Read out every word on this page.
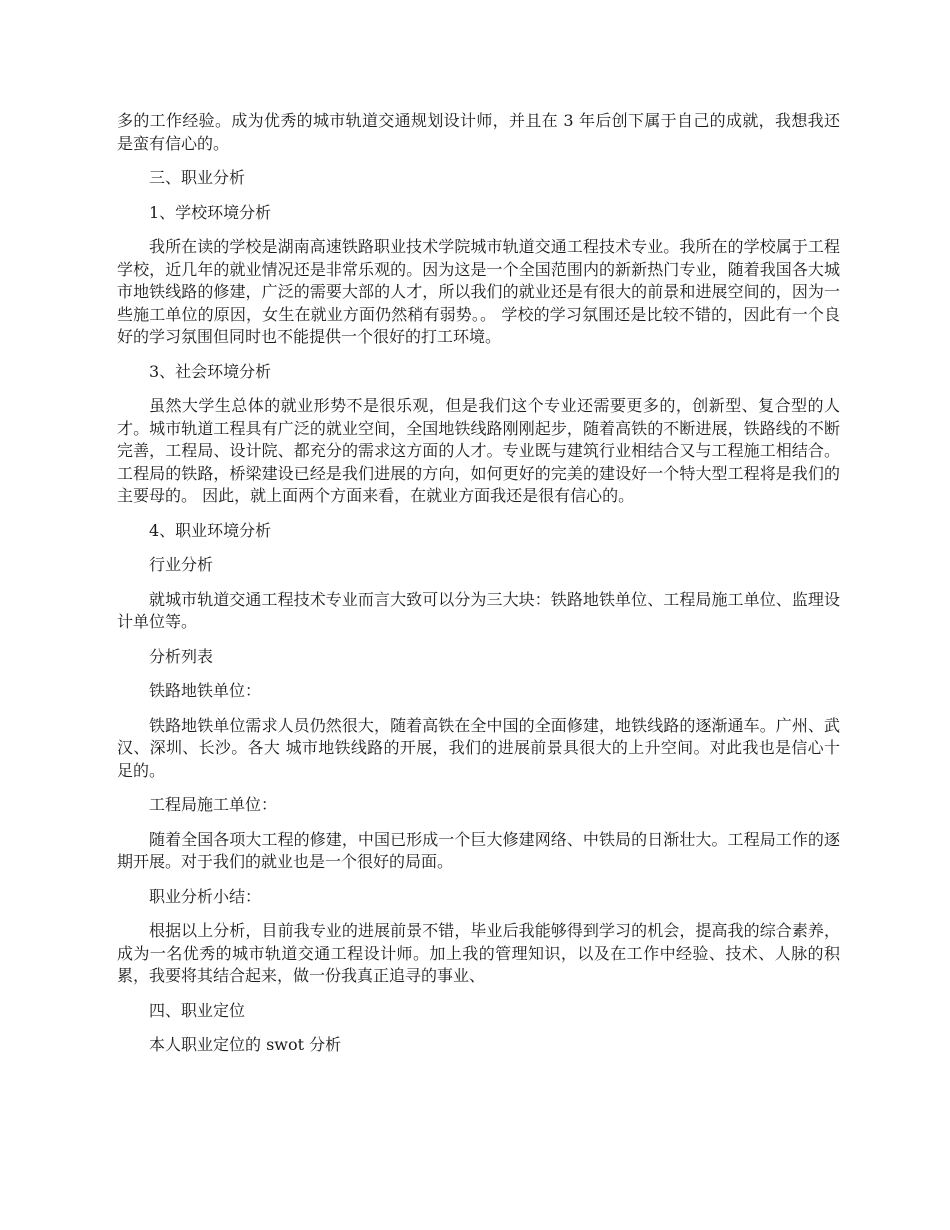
多的工作经验。成为优秀的城市轨道交通规划设计师，并且在 3 年后创下属于自己的成就，我想我还是蛮有信心的。

三、职业分析

1、学校环境分析

我所在读的学校是湖南高速铁路职业技术学院城市轨道交通工程技术专业。我所在的学校属于工程学校，近几年的就业情况还是非常乐观的。因为这是一个全国范围内的新新热门专业，随着我国各大城市地铁线路的修建，广泛的需要大部的人才，所以我们的就业还是有很大的前景和进展空间的，因为一些施工单位的原因，女生在就业方面仍然稍有弱势。。 学校的学习氛围还是比较不错的，因此有一个良好的学习氛围但同时也不能提供一个很好的打工环境。

3、社会环境分析

虽然大学生总体的就业形势不是很乐观，但是我们这个专业还需要更多的，创新型、复合型的人才。城市轨道工程具有广泛的就业空间，全国地铁线路刚刚起步，随着高铁的不断进展，铁路线的不断完善，工程局、设计院、都充分的需求这方面的人才。专业既与建筑行业相结合又与工程施工相结合。工程局的铁路，桥梁建设已经是我们进展的方向，如何更好的完美的建设好一个特大型工程将是我们的主要母的。 因此，就上面两个方面来看，在就业方面我还是很有信心的。

4、职业环境分析

行业分析

就城市轨道交通工程技术专业而言大致可以分为三大块：铁路地铁单位、工程局施工单位、监理设计单位等。

分析列表

铁路地铁单位：

铁路地铁单位需求人员仍然很大，随着高铁在全中国的全面修建，地铁线路的逐渐通车。广州、武汉、深圳、长沙。各大 城市地铁线路的开展，我们的进展前景具很大的上升空间。对此我也是信心十足的。

工程局施工单位：

随着全国各项大工程的修建，中国已形成一个巨大修建网络、中铁局的日渐壮大。工程局工作的逐期开展。对于我们的就业也是一个很好的局面。

职业分析小结：

根据以上分析，目前我专业的进展前景不错，毕业后我能够得到学习的机会，提高我的综合素养，成为一名优秀的城市轨道交通工程设计师。加上我的管理知识，以及在工作中经验、技术、人脉的积累，我要将其结合起来，做一份我真正追寻的事业、

四、职业定位

本人职业定位的 swot 分析
